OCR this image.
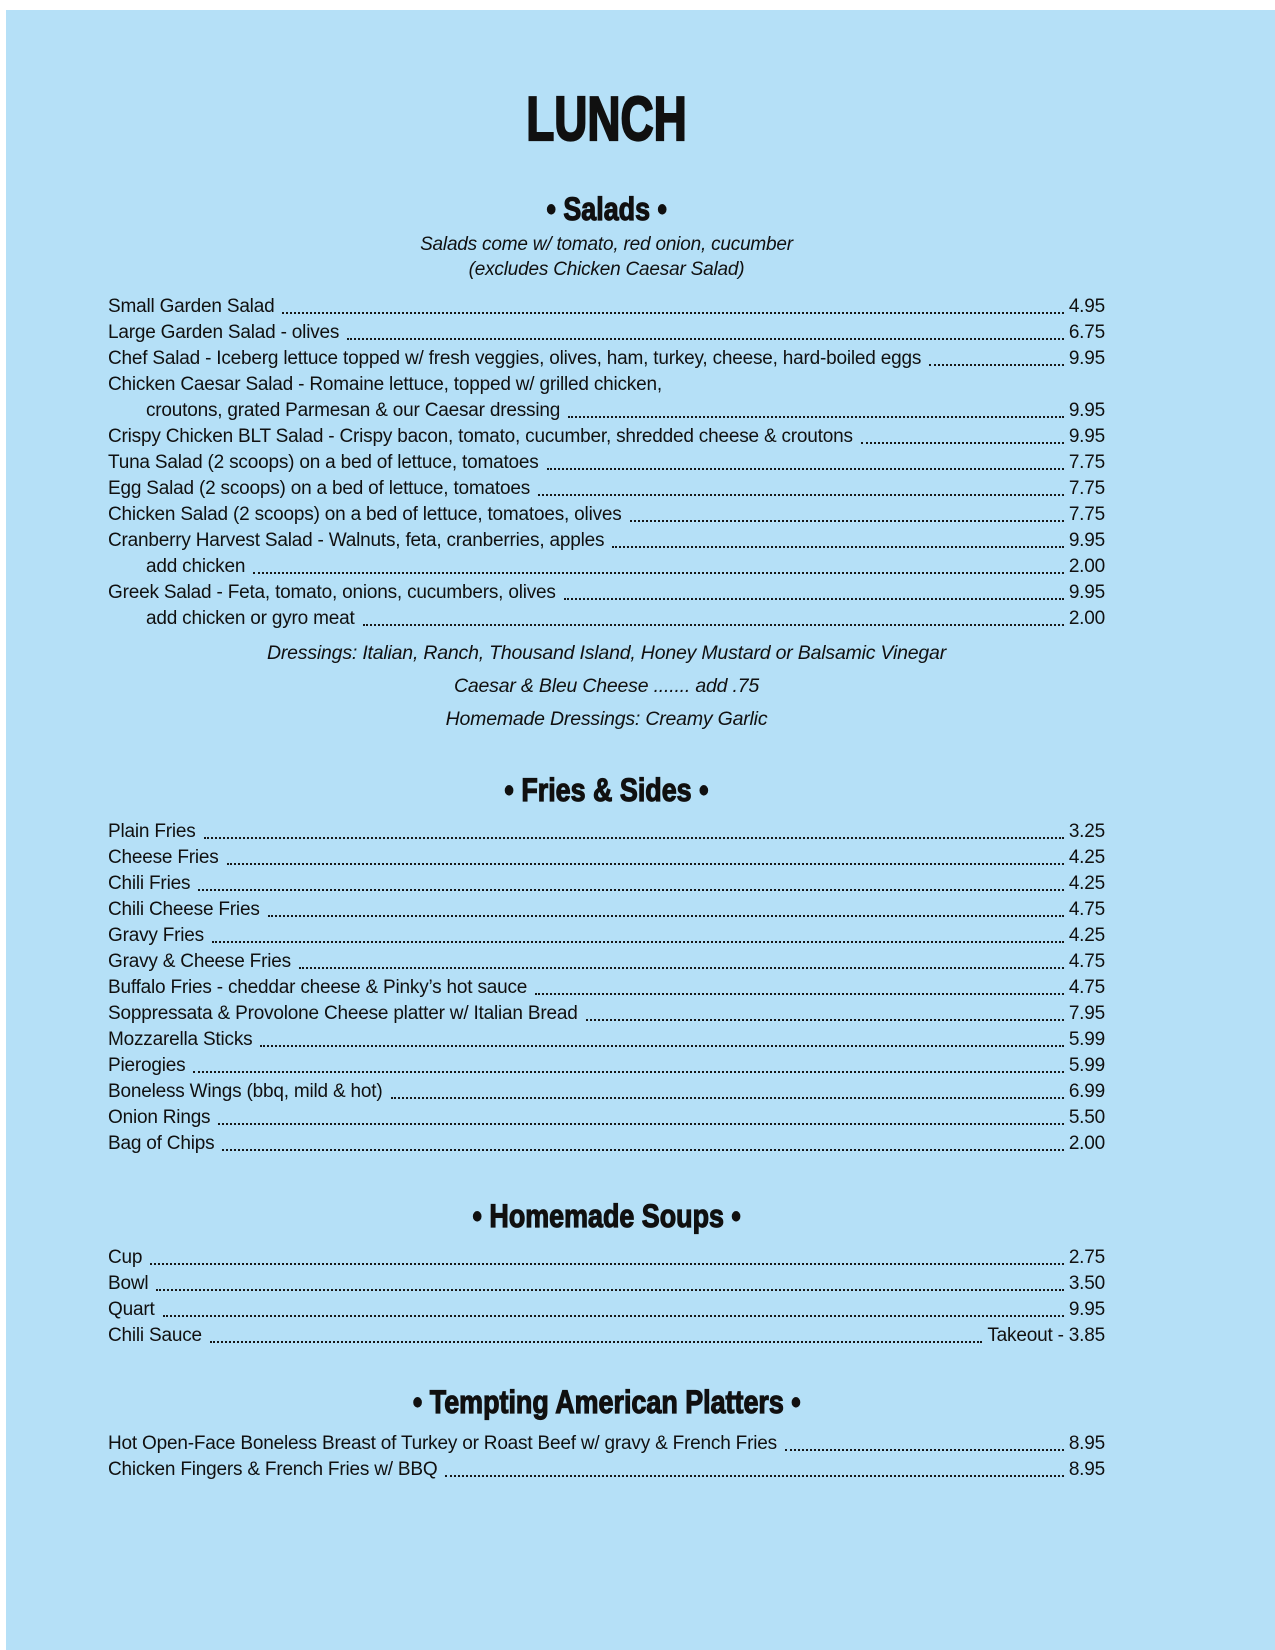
LUNCH
• Salads •

Salads come w/ tomato, red onion, cucumber

(excludes Chicken Caesar Salad)

Small Garden Salad	4.95
Large Garden Salad - olives	6.75
Chef Salad - Iceberg lettuce topped w/ fresh veggies, olives, ham, turkey, cheese, hard-boiled eggs	9.95
Chicken Caesar Salad - Romaine lettuce, topped w/ grilled chicken,
croutons, grated Parmesan & our Caesar dressing	9.95
Crispy Chicken BLT Salad - Crispy bacon, tomato, cucumber, shredded cheese & croutons	9.95
Tuna Salad (2 scoops) on a bed of lettuce, tomatoes	7.75
Egg Salad (2 scoops) on a bed of lettuce, tomatoes	7.75
Chicken Salad (2 scoops) on a bed of lettuce, tomatoes, olives	7.75
Cranberry Harvest Salad - Walnuts, feta, cranberries, apples	9.95
add chicken	2.00
Greek Salad - Feta, tomato, onions, cucumbers, olives	9.95
add chicken or gyro meat	2.00

Dressings: Italian, Ranch, Thousand Island, Honey Mustard or Balsamic Vinegar

Caesar & Bleu Cheese ....... add .75

Homemade Dressings: Creamy Garlic

• Fries & Sides •
Plain Fries	3.25
Cheese Fries	4.25
Chili Fries	4.25
Chili Cheese Fries	4.75
Gravy Fries	4.25
Gravy & Cheese Fries	4.75
Buffalo Fries - cheddar cheese & Pinky’s hot sauce	4.75
Soppressata & Provolone Cheese platter w/ Italian Bread	7.95
Mozzarella Sticks	5.99
Pierogies	5.99
Boneless Wings (bbq, mild & hot)	6.99
Onion Rings	5.50
Bag of Chips	2.00
• Homemade Soups •
Cup	2.75
Bowl	3.50
Quart	9.95
Chili Sauce	Takeout - 3.85
• Tempting American Platters •
Hot Open-Face Boneless Breast of Turkey or Roast Beef w/ gravy & French Fries	8.95
Chicken Fingers & French Fries w/ BBQ	8.95
